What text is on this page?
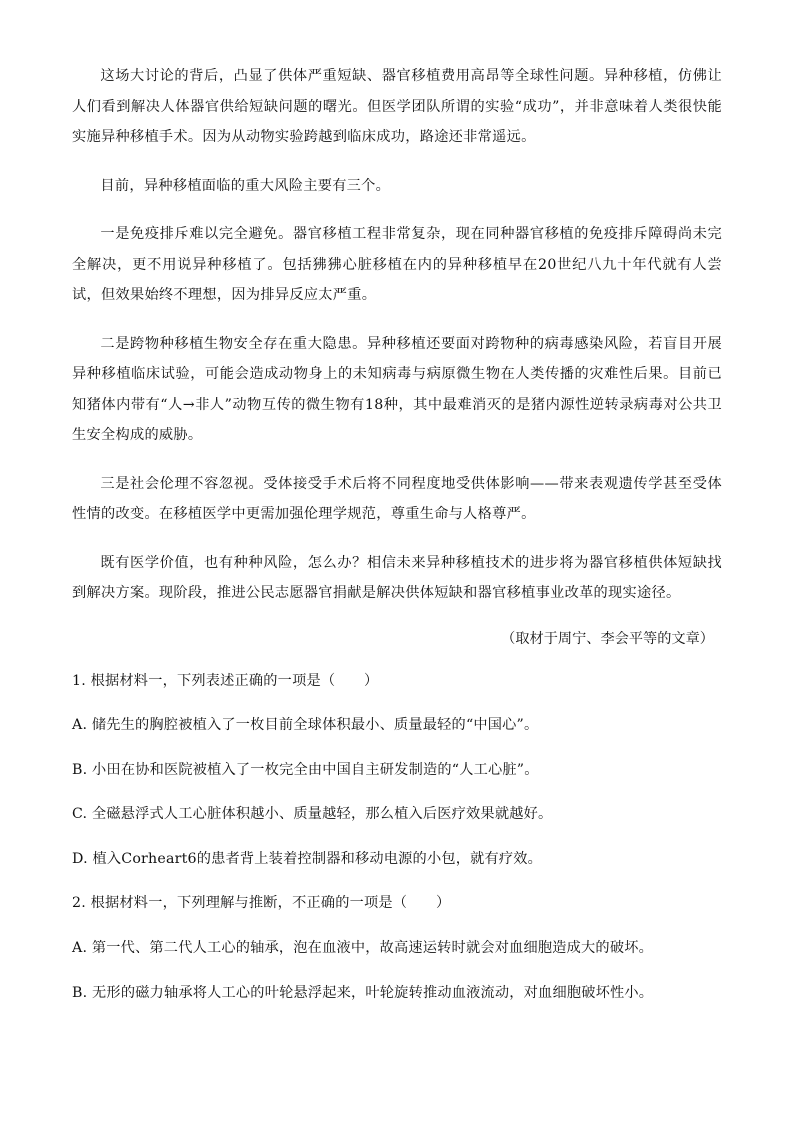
这场大讨论的背后，凸显了供体严重短缺、器官移植费用高昂等全球性问题。异种移植，仿佛让人们看到解决人体器官供给短缺问题的曙光。但医学团队所谓的实验“成功”，并非意味着人类很快能实施异种移植手术。因为从动物实验跨越到临床成功，路途还非常遥远。

目前，异种移植面临的重大风险主要有三个。

一是免疫排斥难以完全避免。器官移植工程非常复杂，现在同种器官移植的免疫排斥障碍尚未完全解决，更不用说异种移植了。包括狒狒心脏移植在内的异种移植早在20世纪八九十年代就有人尝试，但效果始终不理想，因为排异反应太严重。

二是跨物种移植生物安全存在重大隐患。异种移植还要面对跨物种的病毒感染风险，若盲目开展异种移植临床试验，可能会造成动物身上的未知病毒与病原微生物在人类传播的灾难性后果。目前已知猪体内带有“人→非人”动物互传的微生物有18种，其中最难消灭的是猪内源性逆转录病毒对公共卫生安全构成的威胁。

三是社会伦理不容忽视。受体接受手术后将不同程度地受供体影响——带来表观遗传学甚至受体性情的改变。在移植医学中更需加强伦理学规范，尊重生命与人格尊严。

既有医学价值，也有种种风险，怎么办？相信未来异种移植技术的进步将为器官移植供体短缺找到解决方案。现阶段，推进公民志愿器官捐献是解决供体短缺和器官移植事业改革的现实途径。

（取材于周宁、李会平等的文章）

1. 根据材料一，下列表述正确的一项是（　　）

A. 储先生的胸腔被植入了一枚目前全球体积最小、质量最轻的“中国心”。

B. 小田在协和医院被植入了一枚完全由中国自主研发制造的“人工心脏”。

C. 全磁悬浮式人工心脏体积越小、质量越轻，那么植入后医疗效果就越好。

D. 植入Corheart6的患者背上装着控制器和移动电源的小包，就有疗效。

2. 根据材料一，下列理解与推断，不正确的一项是（　　）

A. 第一代、第二代人工心的轴承，泡在血液中，故高速运转时就会对血细胞造成大的破坏。

B. 无形的磁力轴承将人工心的叶轮悬浮起来，叶轮旋转推动血液流动，对血细胞破坏性小。
